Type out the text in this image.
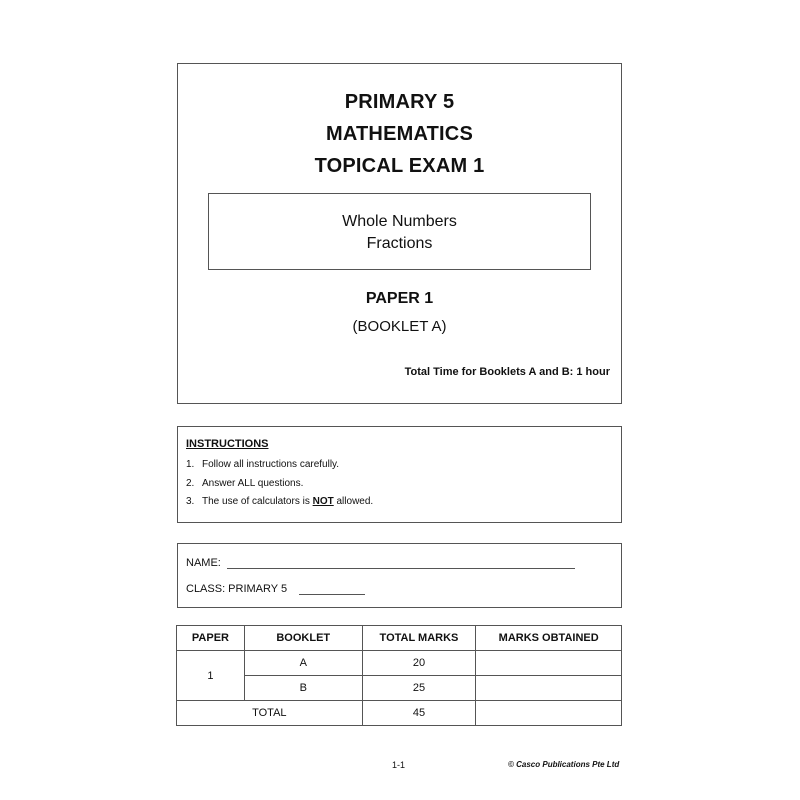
PRIMARY 5
MATHEMATICS
TOPICAL EXAM 1
Whole Numbers
Fractions
PAPER 1
(BOOKLET A)
Total Time for Booklets A and B: 1 hour
INSTRUCTIONS
1. Follow all instructions carefully.
2. Answer ALL questions.
3. The use of calculators is NOT allowed.
NAME:
CLASS: PRIMARY 5
PAPER	BOOKLET	TOTAL MARKS	MARKS OBTAINED
1	A	20	
	B	25	
TOTAL		45	
1-1	© Casco Publications Pte Ltd
